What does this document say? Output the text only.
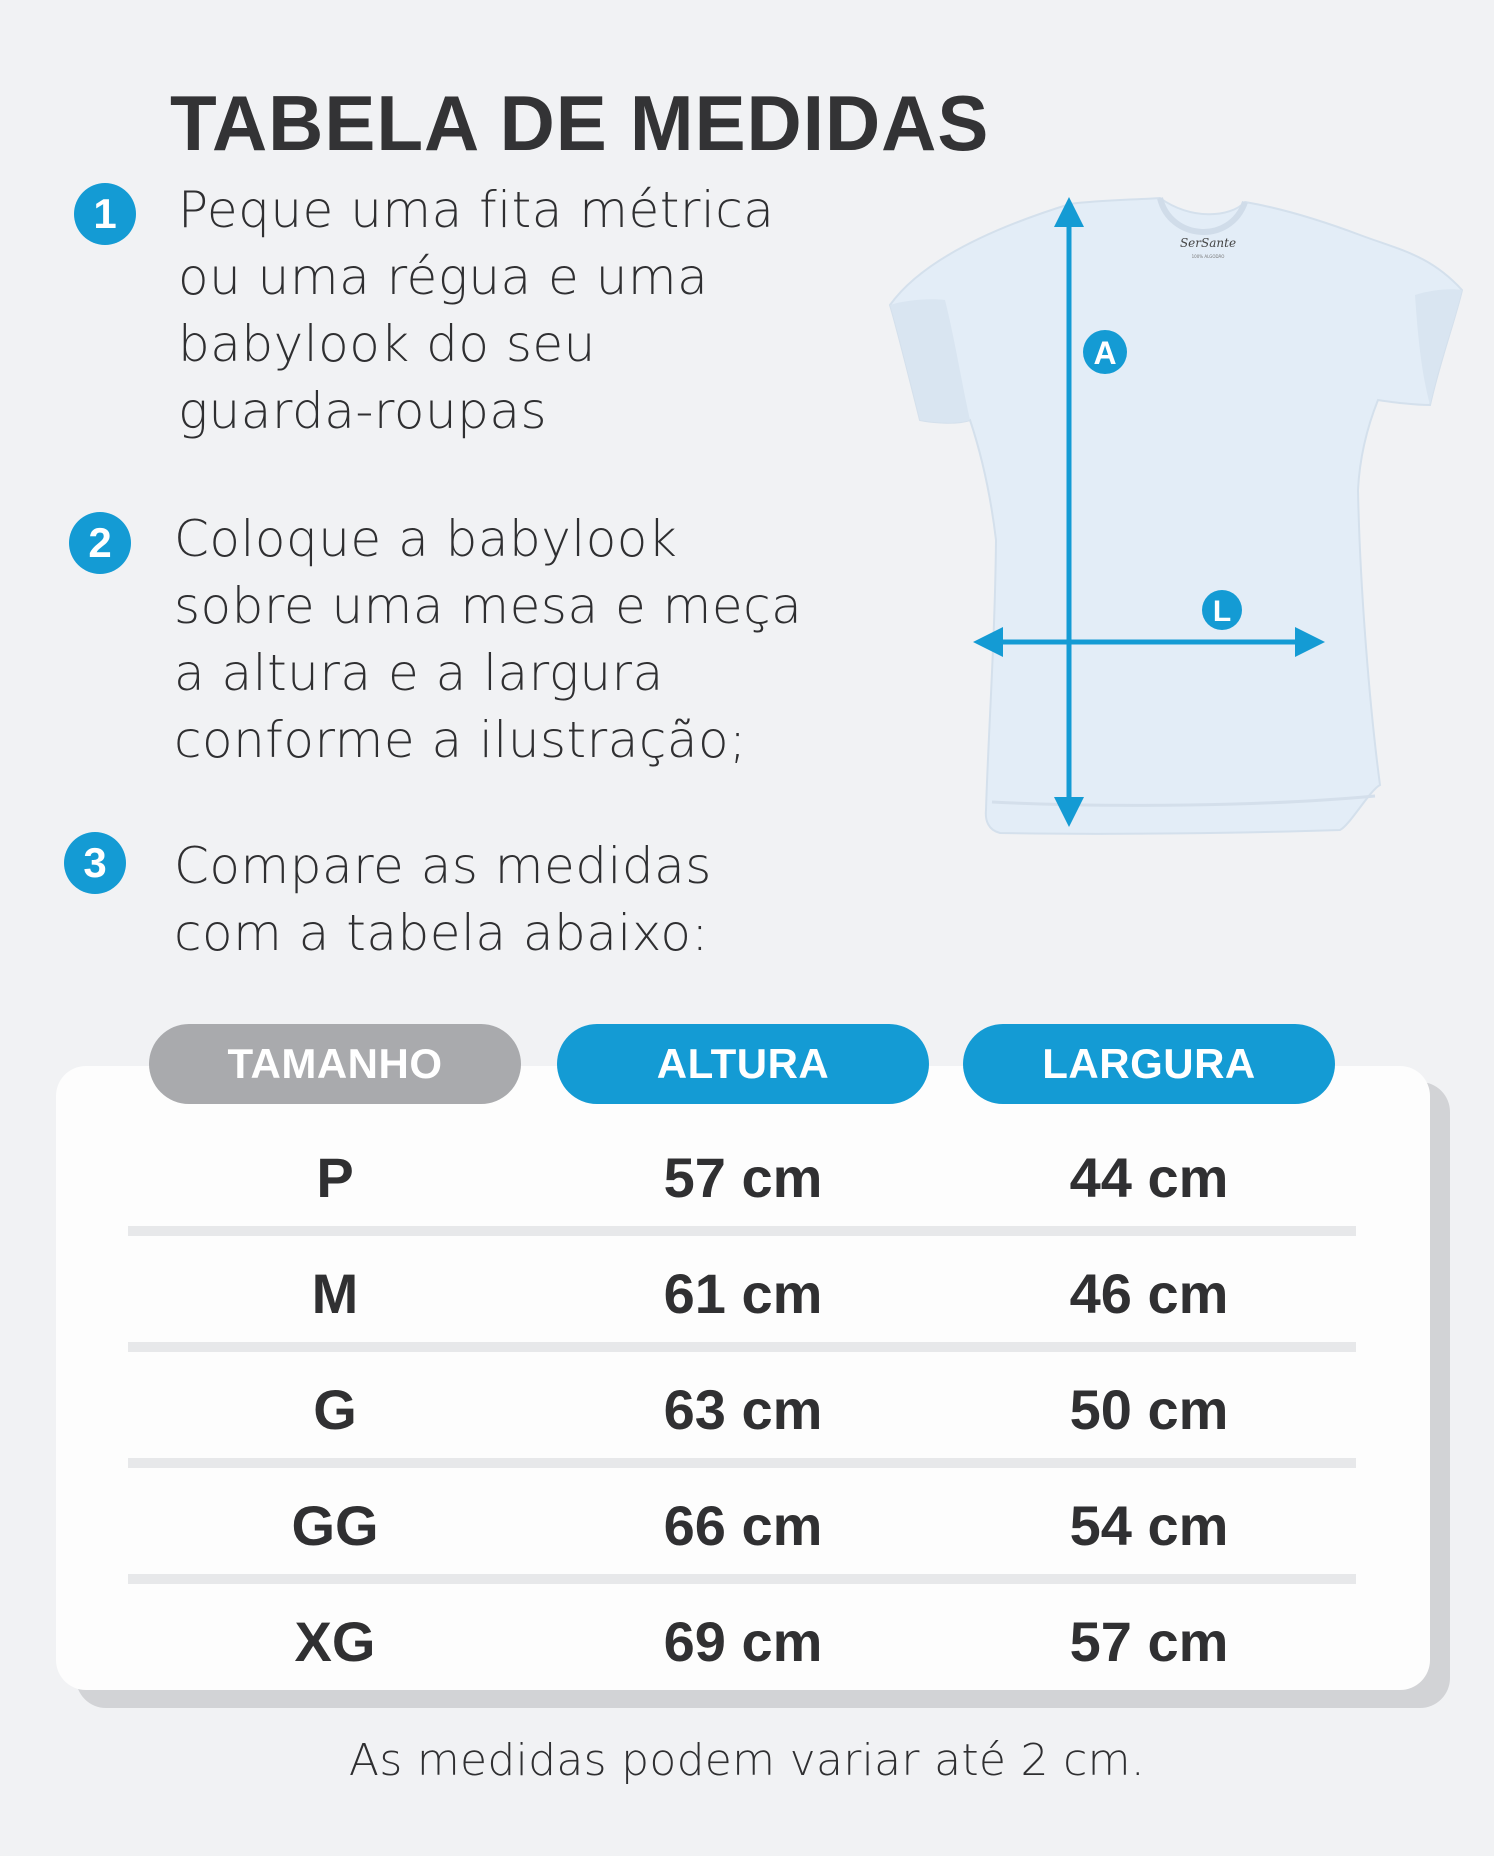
TABELA DE MEDIDAS
1	Peque uma fita métrica
ou uma régua e uma
babylook do seu
guarda-roupas
2	Coloque a babylook
sobre uma mesa e meça
a altura e a largura
conforme a ilustração;
3	Compare as medidas
com a tabela abaixo:
SerSante
100% ALGODÃO
A
L
TAMANHO	ALTURA	LARGURA
P	57 cm	44 cm
M	61 cm	46 cm
G	63 cm	50 cm
GG	66 cm	54 cm
XG	69 cm	57 cm
As medidas podem variar até 2 cm.
